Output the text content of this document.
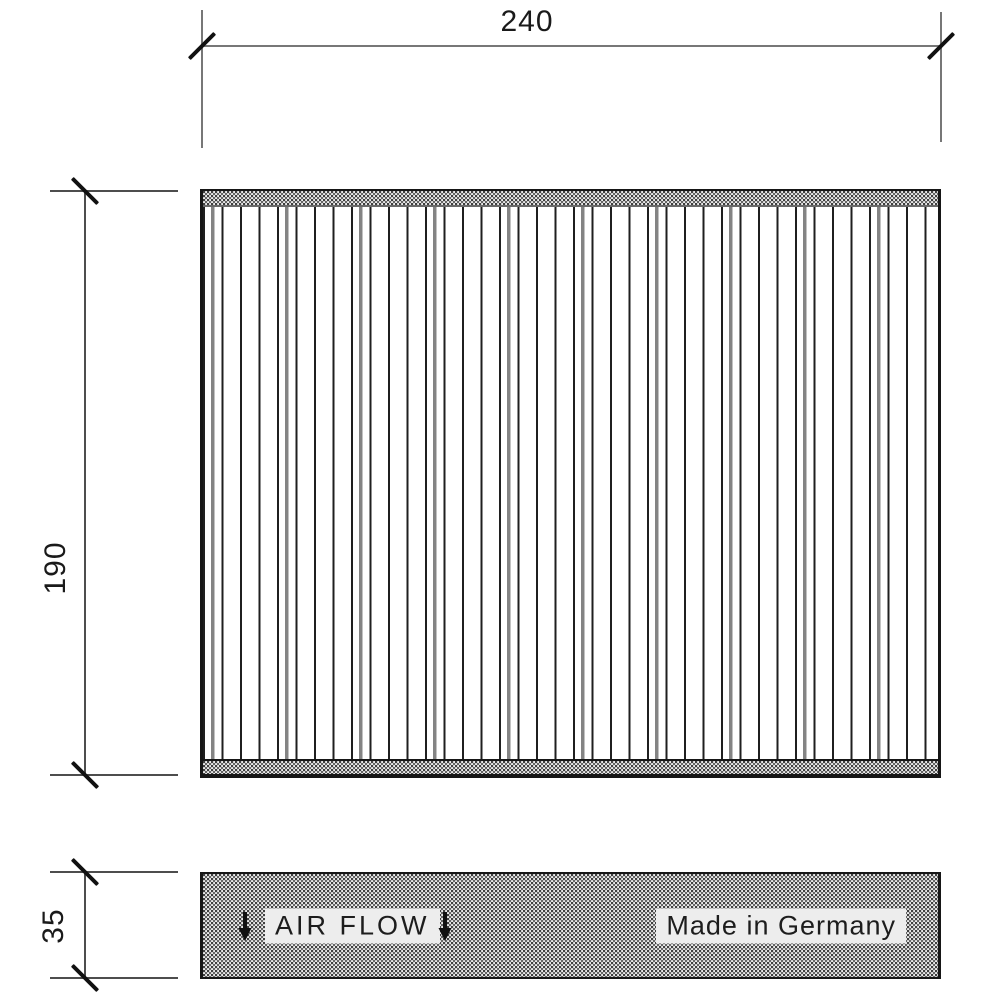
240
190
35	AIR FLOW	Made in Germany
